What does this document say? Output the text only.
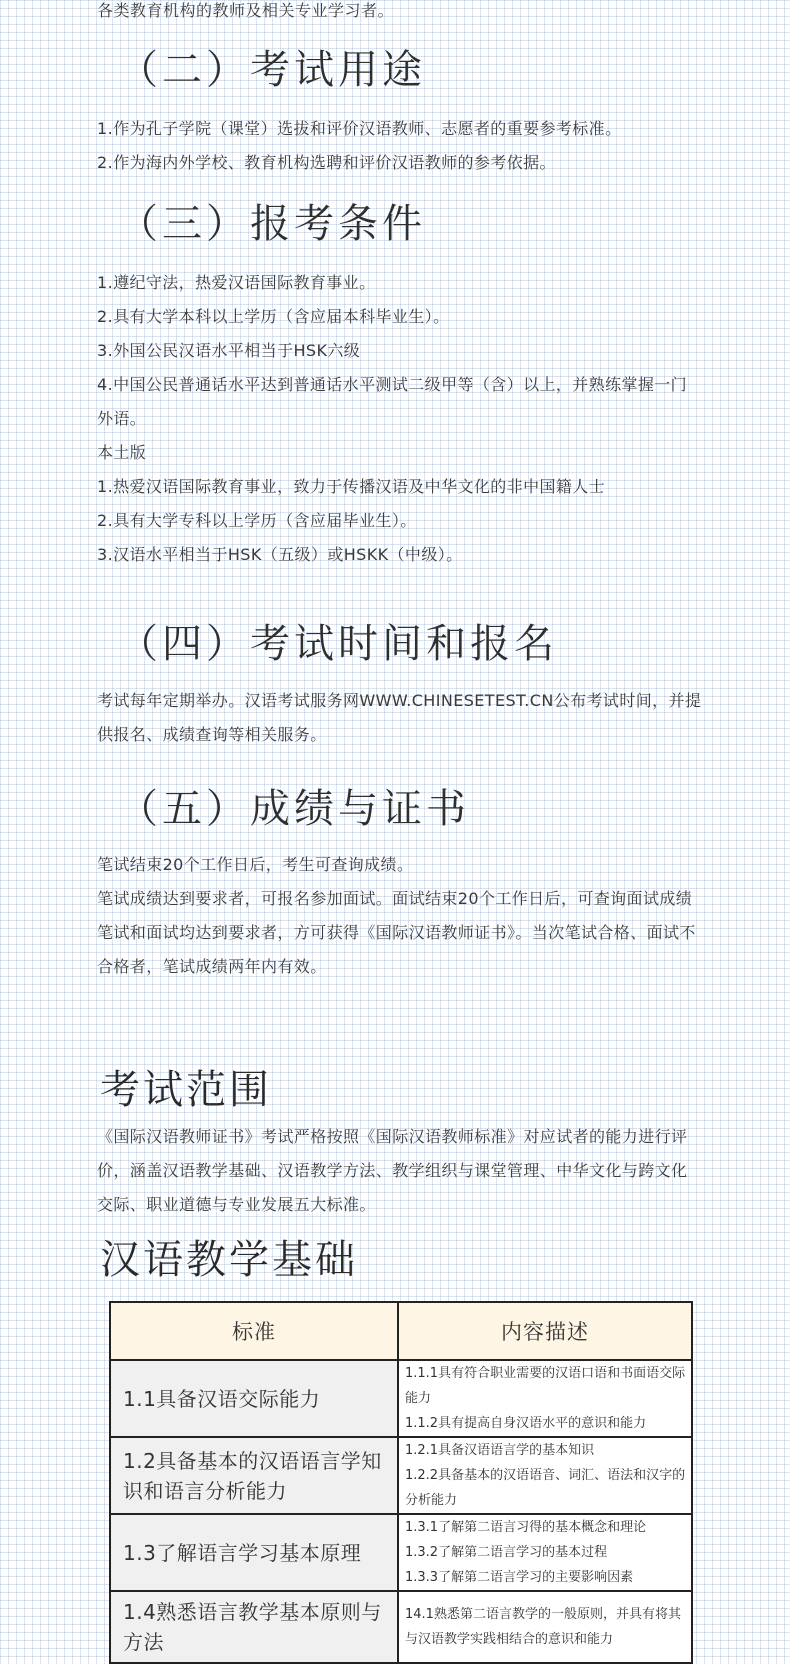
各类教育机构的教师及相关专业学习者。
（二）考试用途

1.作为孔子学院（课堂）选拔和评价汉语教师、志愿者的重要参考标准。

2.作为海内外学校、教育机构选聘和评价汉语教师的参考依据。

（三）报考条件

1.遵纪守法，热爱汉语国际教育事业。

2.具有大学本科以上学历（含应届本科毕业生）。

3.外国公民汉语水平相当于HSK六级

4.中国公民普通话水平达到普通话水平测试二级甲等（含）以上，并熟练掌握一门外语。

本土版

1.热爱汉语国际教育事业，致力于传播汉语及中华文化的非中国籍人士

2.具有大学专科以上学历（含应届毕业生）。

3.汉语水平相当于HSK（五级）或HSKK（中级）。

（四）考试时间和报名

考试每年定期举办。汉语考试服务网WWW.CHINESETEST.CN公布考试时间，并提供报名、成绩查询等相关服务。

（五）成绩与证书

笔试结束20个工作日后，考生可查询成绩。

笔试成绩达到要求者，可报名参加面试。面试结束20个工作日后，可查询面试成绩

笔试和面试均达到要求者，方可获得《国际汉语教师证书》。当次笔试合格、面试不合格者，笔试成绩两年内有效。

考试范围

《国际汉语教师证书》考试严格按照《国际汉语教师标准》对应试者的能力进行评价，涵盖汉语教学基础、汉语教学方法、教学组织与课堂管理、中华文化与跨文化交际、职业道德与专业发展五大标准。

汉语教学基础
标准	内容描述
1.1具备汉语交际能力	1.1.1具有符合职业需要的汉语口语和书面语交际能力
1.1.2具有提高自身汉语水平的意识和能力

1.2具备基本的汉语语言学知识和语言分析能力	1.2.1具备汉语语言学的基本知识
1.2.2具备基本的汉语语音、词汇、语法和汉字的分析能力

1.3了解语言学习基本原理	1.3.1了解第二语言习得的基本概念和理论
1.3.2了解第二语言学习的基本过程
1.3.3了解第二语言学习的主要影响因素

1.4熟悉语言教学基本原则与方法	14.1熟悉第二语言教学的一般原则，并具有将其与汉语教学实践相结合的意识和能力
